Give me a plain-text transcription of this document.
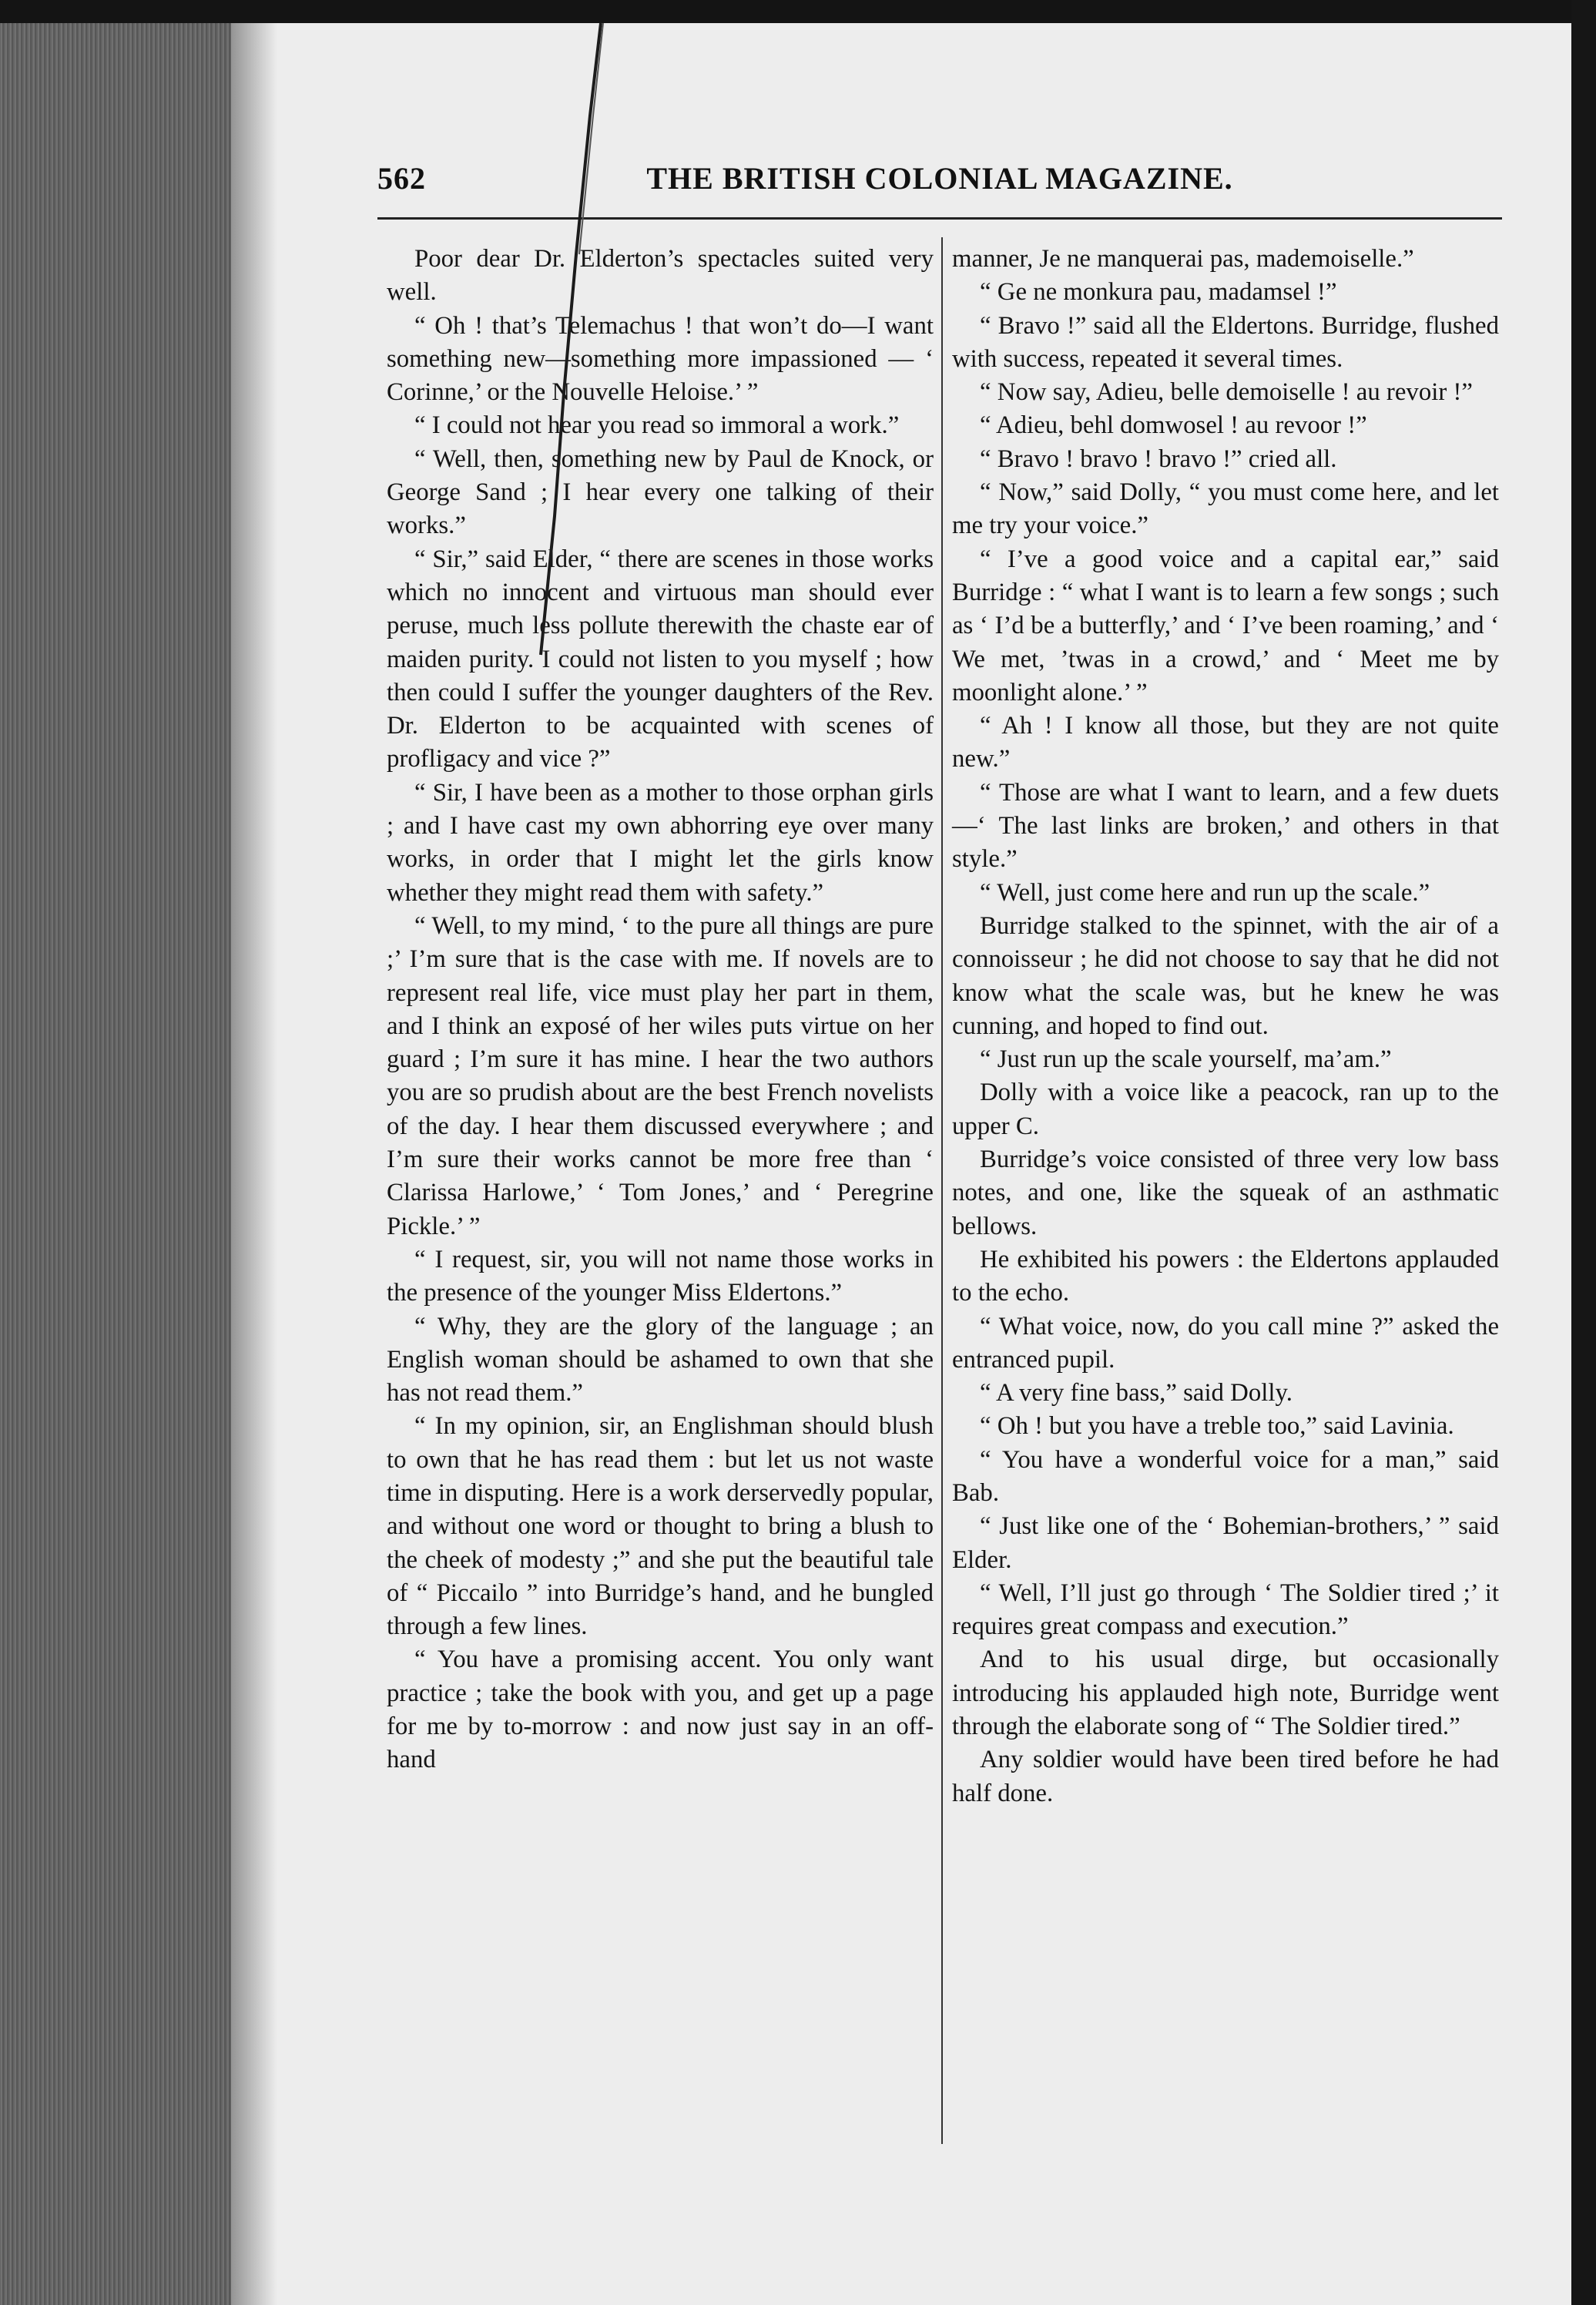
562	THE BRITISH COLONIAL MAGAZINE.

Poor dear Dr. Elderton’s spectacles suited very well.

“ Oh ! that’s Telemachus ! that won’t do—I want something new—something more impassioned — ‘ Corinne,’ or the Nouvelle Heloise.’ ”

“ I could not hear you read so immoral a work.”

“ Well, then, something new by Paul de Knock, or George Sand ; I hear every one talking of their works.”

“ Sir,” said Elder, “ there are scenes in those works which no innocent and virtuous man should ever peruse, much less pollute therewith the chaste ear of maiden purity. I could not listen to you myself ; how then could I suffer the younger daughters of the Rev. Dr. Elderton to be acquainted with scenes of profligacy and vice ?”

“ Sir, I have been as a mother to those orphan girls ; and I have cast my own abhorring eye over many works, in order that I might let the girls know whether they might read them with safety.”

“ Well, to my mind, ‘ to the pure all things are pure ;’ I’m sure that is the case with me. If novels are to represent real life, vice must play her part in them, and I think an exposé of her wiles puts virtue on her guard ; I’m sure it has mine. I hear the two authors you are so prudish about are the best French novelists of the day. I hear them discussed everywhere ; and I’m sure their works cannot be more free than ‘ Clarissa Harlowe,’ ‘ Tom Jones,’ and ‘ Peregrine Pickle.’ ”

“ I request, sir, you will not name those works in the presence of the younger Miss Eldertons.”

“ Why, they are the glory of the language ; an English woman should be ashamed to own that she has not read them.”

“ In my opinion, sir, an Englishman should blush to own that he has read them : but let us not waste time in disputing. Here is a work derservedly popular, and without one word or thought to bring a blush to the cheek of modesty ;” and she put the beautiful tale of “ Piccailo ” into Burridge’s hand, and he bungled through a few lines.

“ You have a promising accent. You only want practice ; take the book with you, and get up a page for me by to-morrow : and now just say in an off-hand

manner, Je ne manquerai pas, mademoiselle.”

“ Ge ne monkura pau, madamsel !”

“ Bravo !” said all the Eldertons. Burridge, flushed with success, repeated it several times.

“ Now say, Adieu, belle demoiselle ! au revoir !”

“ Adieu, behl domwosel ! au revoor !”

“ Bravo ! bravo ! bravo !” cried all.

“ Now,” said Dolly, “ you must come here, and let me try your voice.”

“ I’ve a good voice and a capital ear,” said Burridge : “ what I want is to learn a few songs ; such as ‘ I’d be a butterfly,’ and ‘ I’ve been roaming,’ and ‘ We met, ’twas in a crowd,’ and ‘ Meet me by moonlight alone.’ ”

“ Ah ! I know all those, but they are not quite new.”

“ Those are what I want to learn, and a few duets—‘ The last links are broken,’ and others in that style.”

“ Well, just come here and run up the scale.”

Burridge stalked to the spinnet, with the air of a connoisseur ; he did not choose to say that he did not know what the scale was, but he knew he was cunning, and hoped to find out.

“ Just run up the scale yourself, ma’am.”

Dolly with a voice like a peacock, ran up to the upper C.

Burridge’s voice consisted of three very low bass notes, and one, like the squeak of an asthmatic bellows.

He exhibited his powers : the Eldertons applauded to the echo.

“ What voice, now, do you call mine ?” asked the entranced pupil.

“ A very fine bass,” said Dolly.

“ Oh ! but you have a treble too,” said Lavinia.

“ You have a wonderful voice for a man,” said Bab.

“ Just like one of the ‘ Bohemian-brothers,’ ” said Elder.

“ Well, I’ll just go through ‘ The Soldier tired ;’ it requires great compass and execution.”

And to his usual dirge, but occasionally introducing his applauded high note, Burridge went through the elaborate song of “ The Soldier tired.”

Any soldier would have been tired before he had half done.
